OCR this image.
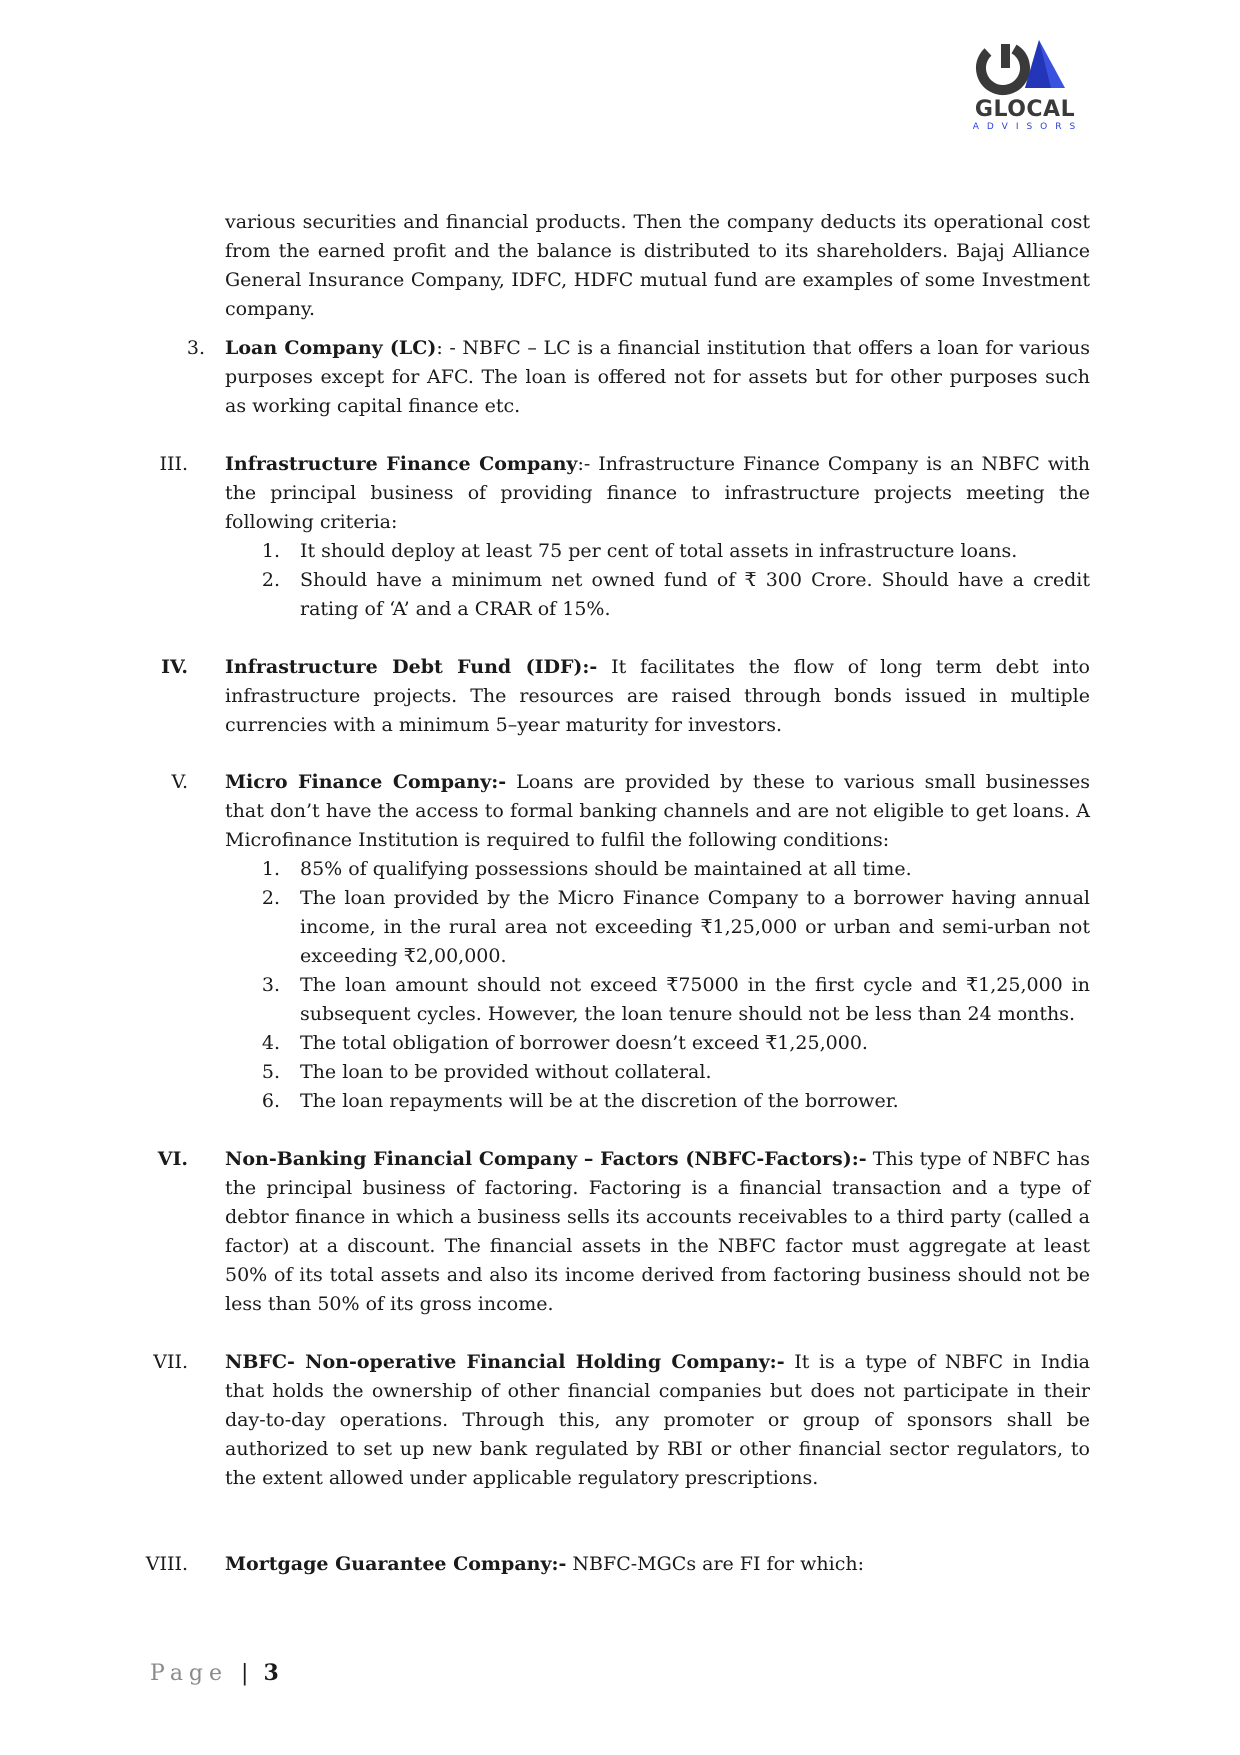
GLOCAL
ADVISORS
various securities and financial products. Then the company deducts its operational cost from the earned profit and the balance is distributed to its shareholders. Bajaj Alliance General Insurance Company, IDFC, HDFC mutual fund are examples of some Investment company.
3. Loan Company (LC): - NBFC – LC is a financial institution that offers a loan for various purposes except for AFC. The loan is offered not for assets but for other purposes such as working capital finance etc.
III. Infrastructure Finance Company:- Infrastructure Finance Company is an NBFC with the principal business of providing finance to infrastructure projects meeting the following criteria:
1. It should deploy at least 75 per cent of total assets in infrastructure loans.
2. Should have a minimum net owned fund of ₹ 300 Crore. Should have a credit rating of ‘A’ and a CRAR of 15%.
IV. Infrastructure Debt Fund (IDF):- It facilitates the flow of long term debt into infrastructure projects. The resources are raised through bonds issued in multiple currencies with a minimum 5–year maturity for investors.
V. Micro Finance Company:- Loans are provided by these to various small businesses that don’t have the access to formal banking channels and are not eligible to get loans. A Microfinance Institution is required to fulfil the following conditions:
1. 85% of qualifying possessions should be maintained at all time.
2. The loan provided by the Micro Finance Company to a borrower having annual income, in the rural area not exceeding ₹1,25,000 or urban and semi-urban not exceeding ₹2,00,000.
3. The loan amount should not exceed ₹75000 in the first cycle and ₹1,25,000 in subsequent cycles. However, the loan tenure should not be less than 24 months.
4. The total obligation of borrower doesn’t exceed ₹1,25,000.
5. The loan to be provided without collateral.
6. The loan repayments will be at the discretion of the borrower.
VI. Non-Banking Financial Company – Factors (NBFC-Factors):- This type of NBFC has the principal business of factoring. Factoring is a financial transaction and a type of debtor finance in which a business sells its accounts receivables to a third party (called a factor) at a discount. The financial assets in the NBFC factor must aggregate at least 50% of its total assets and also its income derived from factoring business should not be less than 50% of its gross income.
VII. NBFC- Non-operative Financial Holding Company:- It is a type of NBFC in India that holds the ownership of other financial companies but does not participate in their day-to-day operations. Through this, any promoter or group of sponsors shall be authorized to set up new bank regulated by RBI or other financial sector regulators, to the extent allowed under applicable regulatory prescriptions.
VIII. Mortgage Guarantee Company:- NBFC-MGCs are FI for which:
Page | 3
